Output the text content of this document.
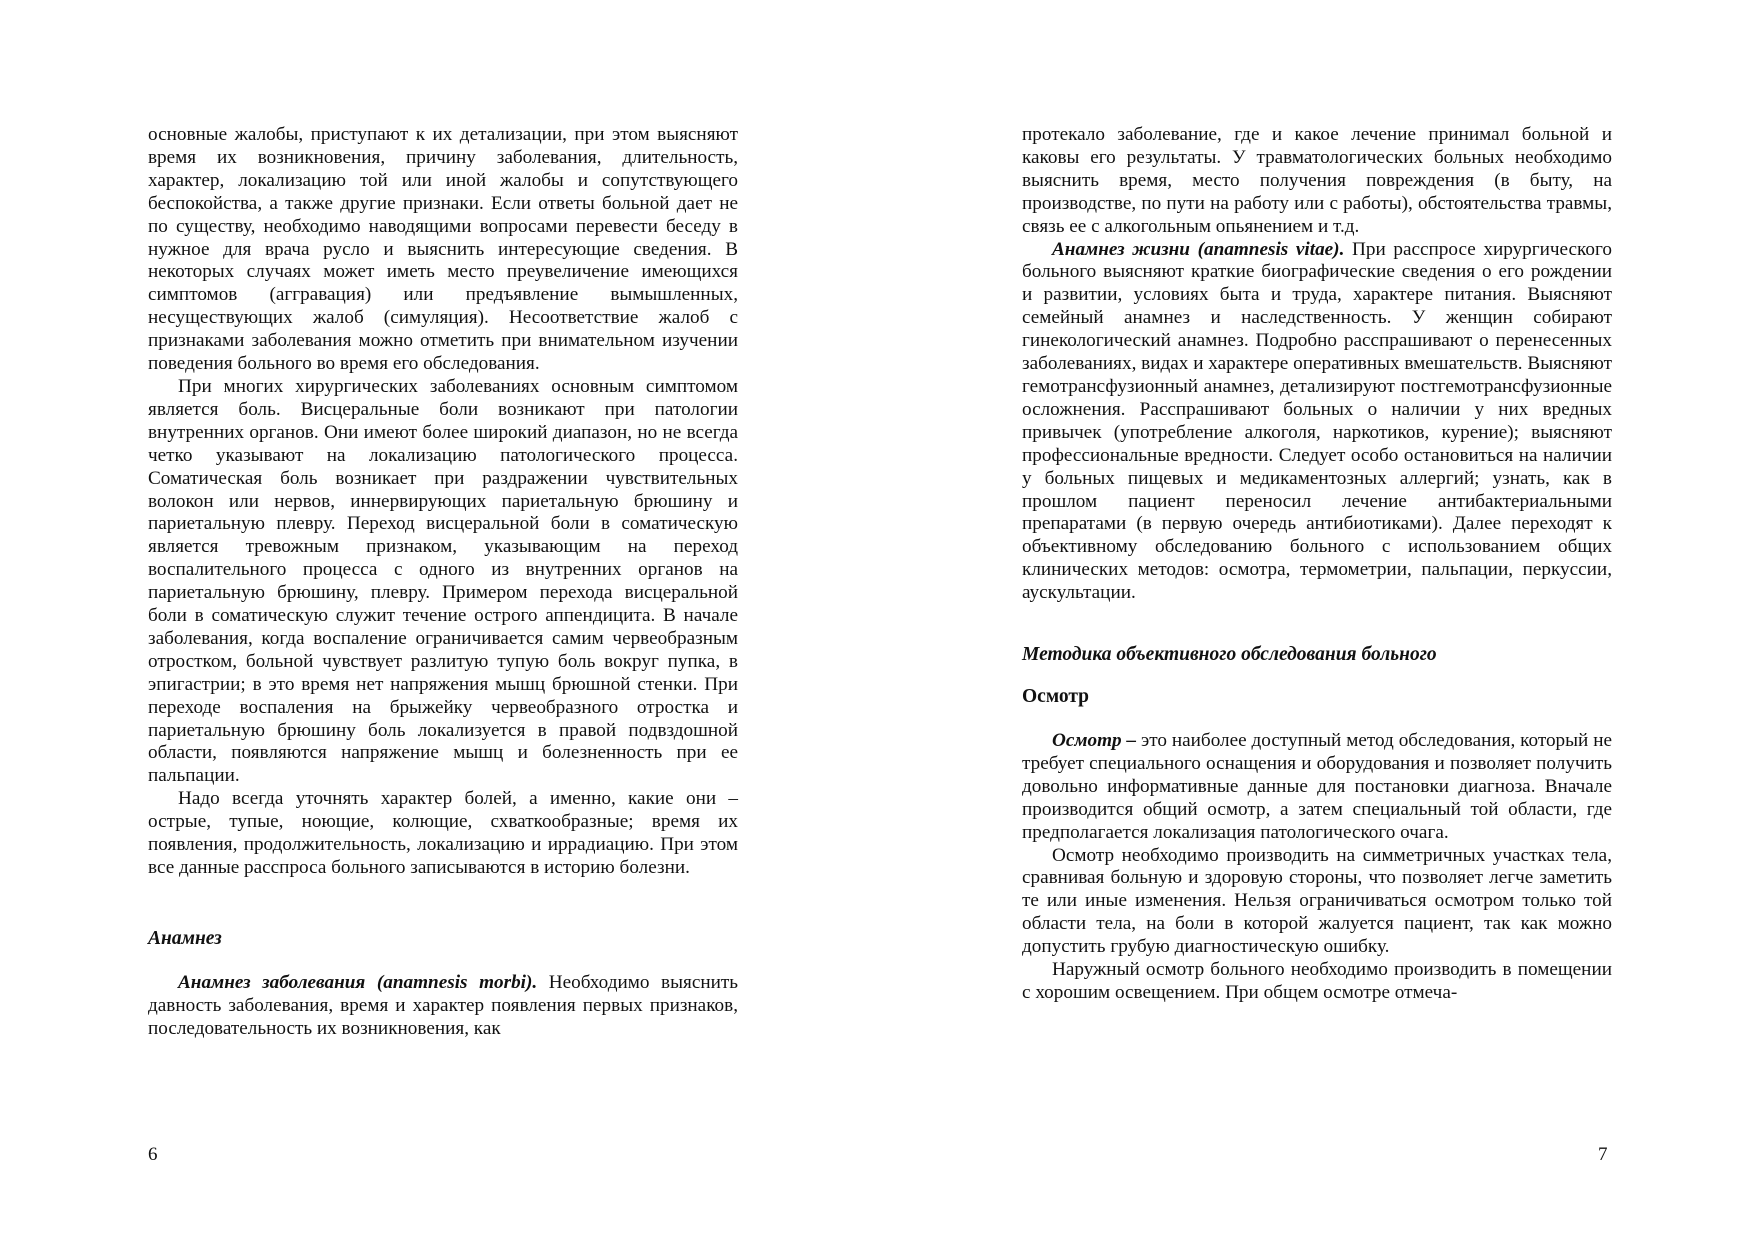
основные жалобы, приступают к их детализации, при этом выясняют время их возникновения, причину заболевания, длительность, характер, локализацию той или иной жалобы и сопутствующего беспокойства, а также другие признаки. Если ответы больной дает не по существу, необходимо наводящими вопросами перевести беседу в нужное для врача русло и выяснить интересующие сведения. В некоторых случаях может иметь место преувеличение имеющихся симптомов (аггравация) или предъявление вымышленных, несуществующих жалоб (симуляция). Несоответствие жалоб с признаками заболевания можно отметить при внимательном изучении поведения больного во время его обследования.

При многих хирургических заболеваниях основным симптомом является боль. Висцеральные боли возникают при патологии внутренних органов. Они имеют более широкий диапазон, но не всегда четко указывают на локализацию патологического процесса. Соматическая боль возникает при раздражении чувствительных волокон или нервов, иннервирующих париетальную брюшину и париетальную плевру. Переход висцеральной боли в соматическую является тревожным признаком, указывающим на переход воспалительного процесса с одного из внутренних органов на париетальную брюшину, плевру. Примером перехода висцеральной боли в соматическую служит течение острого аппендицита. В начале заболевания, когда воспаление ограничивается самим червеобразным отростком, больной чувствует разлитую тупую боль вокруг пупка, в эпигастрии; в это время нет напряжения мышц брюшной стенки. При переходе воспаления на брыжейку червеобразного отростка и париетальную брюшину боль локализуется в правой подвздошной области, появляются напряжение мышц и болезненность при ее пальпации.

Надо всегда уточнять характер болей, а именно, какие они – острые, тупые, ноющие, колющие, схваткообразные; время их появления, продолжительность, локализацию и иррадиацию. При этом все данные расспроса больного записываются в историю болезни.

Анамнез

Анамнез заболевания (anamnesis morbi). Необходимо выяснить давность заболевания, время и характер появления первых признаков, последовательность их возникновения, как

6

протекало заболевание, где и какое лечение принимал больной и каковы его результаты. У травматологических больных необходимо выяснить время, место получения повреждения (в быту, на производстве, по пути на работу или с работы), обстоятельства травмы, связь ее с алкогольным опьянением и т.д.

Анамнез жизни (anamnesis vitae). При расспросе хирургического больного выясняют краткие биографические сведения о его рождении и развитии, условиях быта и труда, характере питания. Выясняют семейный анамнез и наследственность. У женщин собирают гинекологический анамнез. Подробно расспрашивают о перенесенных заболеваниях, видах и характере оперативных вмешательств. Выясняют гемотрансфузионный анамнез, детализируют постгемотрансфузионные осложнения. Расспрашивают больных о наличии у них вредных привычек (употребление алкоголя, наркотиков, курение); выясняют профессиональные вредности. Следует особо остановиться на наличии у больных пищевых и медикаментозных аллергий; узнать, как в прошлом пациент переносил лечение антибактериальными препаратами (в первую очередь антибиотиками). Далее переходят к объективному обследованию больного с использованием общих клинических методов: осмотра, термометрии, пальпации, перкуссии, аускультации.

Методика объективного обследования больного

Осмотр

Осмотр – это наиболее доступный метод обследования, который не требует специального оснащения и оборудования и позволяет получить довольно информативные данные для постановки диагноза. Вначале производится общий осмотр, а затем специальный той области, где предполагается локализация патологического очага.

Осмотр необходимо производить на симметричных участках тела, сравнивая больную и здоровую стороны, что позволяет легче заметить те или иные изменения. Нельзя ограничиваться осмотром только той области тела, на боли в которой жалуется пациент, так как можно допустить грубую диагностическую ошибку.

Наружный осмотр больного необходимо производить в помещении с хорошим освещением. При общем осмотре отмеча-

7
